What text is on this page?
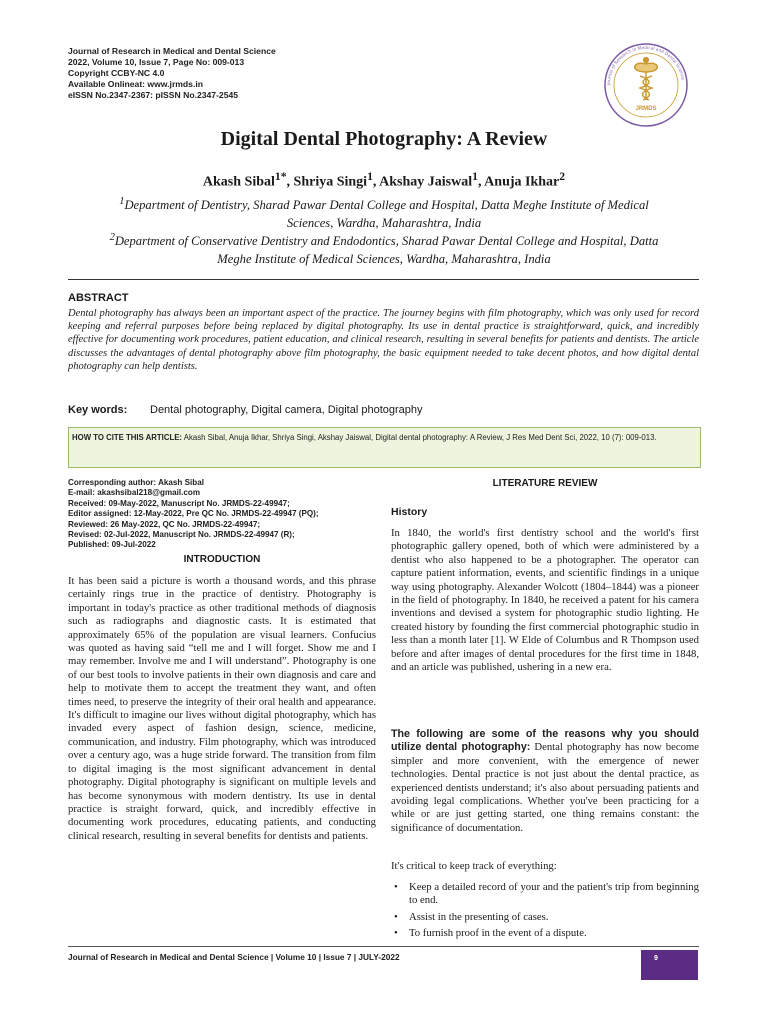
Journal of Research in Medical and Dental Science
2022, Volume 10, Issue 7, Page No: 009-013
Copyright CCBY-NC 4.0
Available Onlineat: www.jrmds.in
eISSN No.2347-2367: pISSN No.2347-2545
Journal of Research in Medical and Dental Science
JRMDS
Digital Dental Photography: A Review
Akash Sibal$^{1*}$, Shriya Singi$^1$, Akshay Jaiswal$^1$, Anuja Ikhar$^2$
$^1$Department of Dentistry, Sharad Pawar Dental College and Hospital, Datta Meghe Institute of Medical Sciences, Wardha, Maharashtra, India
$^2$Department of Conservative Dentistry and Endodontics, Sharad Pawar Dental College and Hospital, Datta Meghe Institute of Medical Sciences, Wardha, Maharashtra, India
ABSTRACT
Dental photography has always been an important aspect of the practice. The journey begins with film photography, which was only used for record keeping and referral purposes before being replaced by digital photography. Its use in dental practice is straightforward, quick, and incredibly effective for documenting work procedures, patient education, and clinical research, resulting in several benefits for patients and dentists. The article discusses the advantages of dental photography above film photography, the basic equipment needed to take decent photos, and how digital dental photography can help dentists.
Key words: Dental photography, Digital camera, Digital photography
HOW TO CITE THIS ARTICLE: Akash Sibal, Anuja Ikhar, Shriya Singi, Akshay Jaiswal, Digital dental photography: A Review, J Res Med Dent Sci, 2022, 10 (7): 009-013.
Corresponding author: Akash Sibal
E-mail: akashsibal218@gmail.com
Received: 09-May-2022, Manuscript No. JRMDS-22-49947;
Editor assigned: 12-May-2022, Pre QC No. JRMDS-22-49947 (PQ);
Reviewed: 26 May-2022, QC No. JRMDS-22-49947;
Revised: 02-Jul-2022, Manuscript No. JRMDS-22-49947 (R);
Published: 09-Jul-2022
INTRODUCTION
It has been said a picture is worth a thousand words, and this phrase certainly rings true in the practice of dentistry. Photography is important in today's practice as other traditional methods of diagnosis such as radiographs and diagnostic casts. It is estimated that approximately 65% of the population are visual learners. Confucius was quoted as having said “tell me and I will forget. Show me and I may remember. Involve me and I will understand”. Photography is one of our best tools to involve patients in their own diagnosis and care and help to motivate them to accept the treatment they want, and often times need, to preserve the integrity of their oral health and appearance. It's difficult to imagine our lives without digital photography, which has invaded every aspect of fashion design, science, medicine, communication, and industry. Film photography, which was introduced over a century ago, was a huge stride forward. The transition from film to digital imaging is the most significant advancement in dental photography. Digital photography is significant on multiple levels and has become synonymous with modern dentistry. Its use in dental practice is straight forward, quick, and incredibly effective in documenting work procedures, educating patients, and conducting clinical research, resulting in several benefits for dentists and patients.
LITERATURE REVIEW
History
In 1840, the world's first dentistry school and the world's first photographic gallery opened, both of which were administered by a dentist who also happened to be a photographer. The operator can capture patient information, events, and scientific findings in a unique way using photography. Alexander Wolcott (1804–1844) was a pioneer in the field of photography. In 1840, he received a patent for his camera inventions and devised a system for photographic studio lighting. He created history by founding the first commercial photographic studio in less than a month later [1]. W Elde of Columbus and R Thompson used before and after images of dental procedures for the first time in 1848, and an article was published, ushering in a new era.
The following are some of the reasons why you should utilize dental photography: Dental photography has now become simpler and more convenient, with the emergence of newer technologies. Dental practice is not just about the dental practice, as experienced dentists understand; it's also about persuading patients and avoiding legal complications. Whether you've been practicing for a while or are just getting started, one thing remains constant: the significance of documentation.
It's critical to keep track of everything:
• Keep a detailed record of your and the patient's trip from beginning to end.
• Assist in the presenting of cases.
• To furnish proof in the event of a dispute.
Journal of Research in Medical and Dental Science | Volume 10 | Issue 7 | JULY-2022	9
